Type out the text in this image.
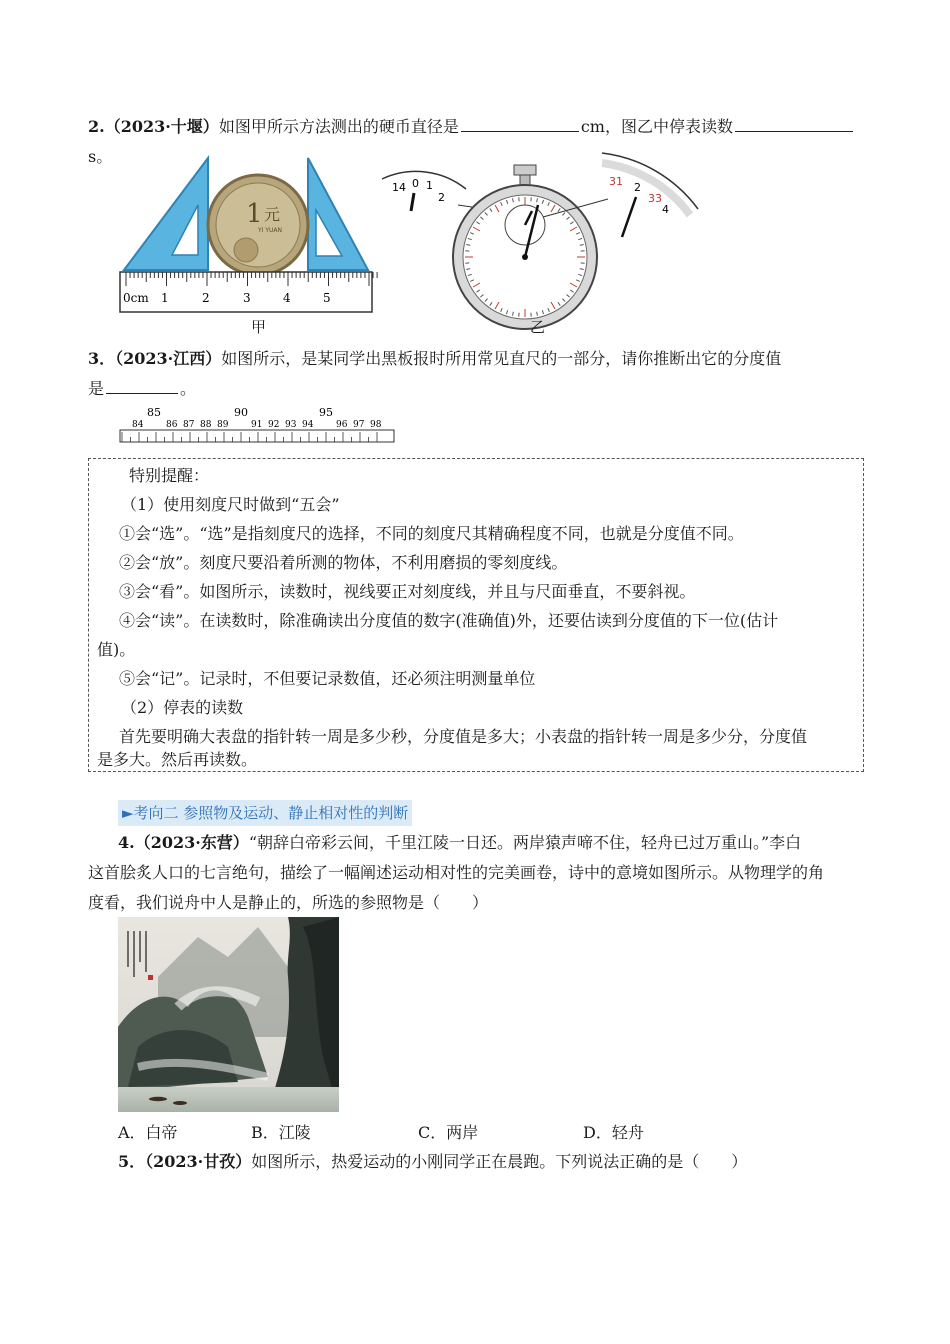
2.（2023·十堰）如图甲所示方法测出的硬币直径是	cm，图乙中停表读数s。
1 元
YI YUAN
0cm 1	2	3	4	5
甲
14 0 1
2
31 2
33
4
乙
3．（2023·江西）如图所示，是某同学出黑板报时所用常见直尺的一部分，请你推断出它的分度值
是	。
85	90	95
84	86 87 88 89	91 92 93 94	96 97 98

特别提醒：

（1）使用刻度尺时做到“五会”

①会“选”。“选”是指刻度尺的选择，不同的刻度尺其精确程度不同，也就是分度值不同。

②会“放”。刻度尺要沿着所测的物体，不利用磨损的零刻度线。

③会“看”。如图所示，读数时，视线要正对刻度线，并且与尺面垂直，不要斜视。

④会“读”。在读数时，除准确读出分度值的数字(准确值)外，还要估读到分度值的下一位(估计

值)。

⑤会“记”。记录时，不但要记录数值，还必须注明测量单位

（2）停表的读数

首先要明确大表盘的指针转一周是多少秒，分度值是多大；小表盘的指针转一周是多少分，分度值

是多大。然后再读数。

►考向二 参照物及运动、静止相对性的判断
4.（2023·东营）“朝辞白帝彩云间，千里江陵一日还。两岸猿声啼不住，轻舟已过万重山。”李白
这首脍炙人口的七言绝句，描绘了一幅阐述运动相对性的完美画卷，诗中的意境如图所示。从物理学的角
度看，我们说舟中人是静止的，所选的参照物是（　　）
A．白帝	B．江陵	C．两岸	D．轻舟
5．（2023·甘孜）如图所示，热爱运动的小刚同学正在晨跑。下列说法正确的是（　　）
